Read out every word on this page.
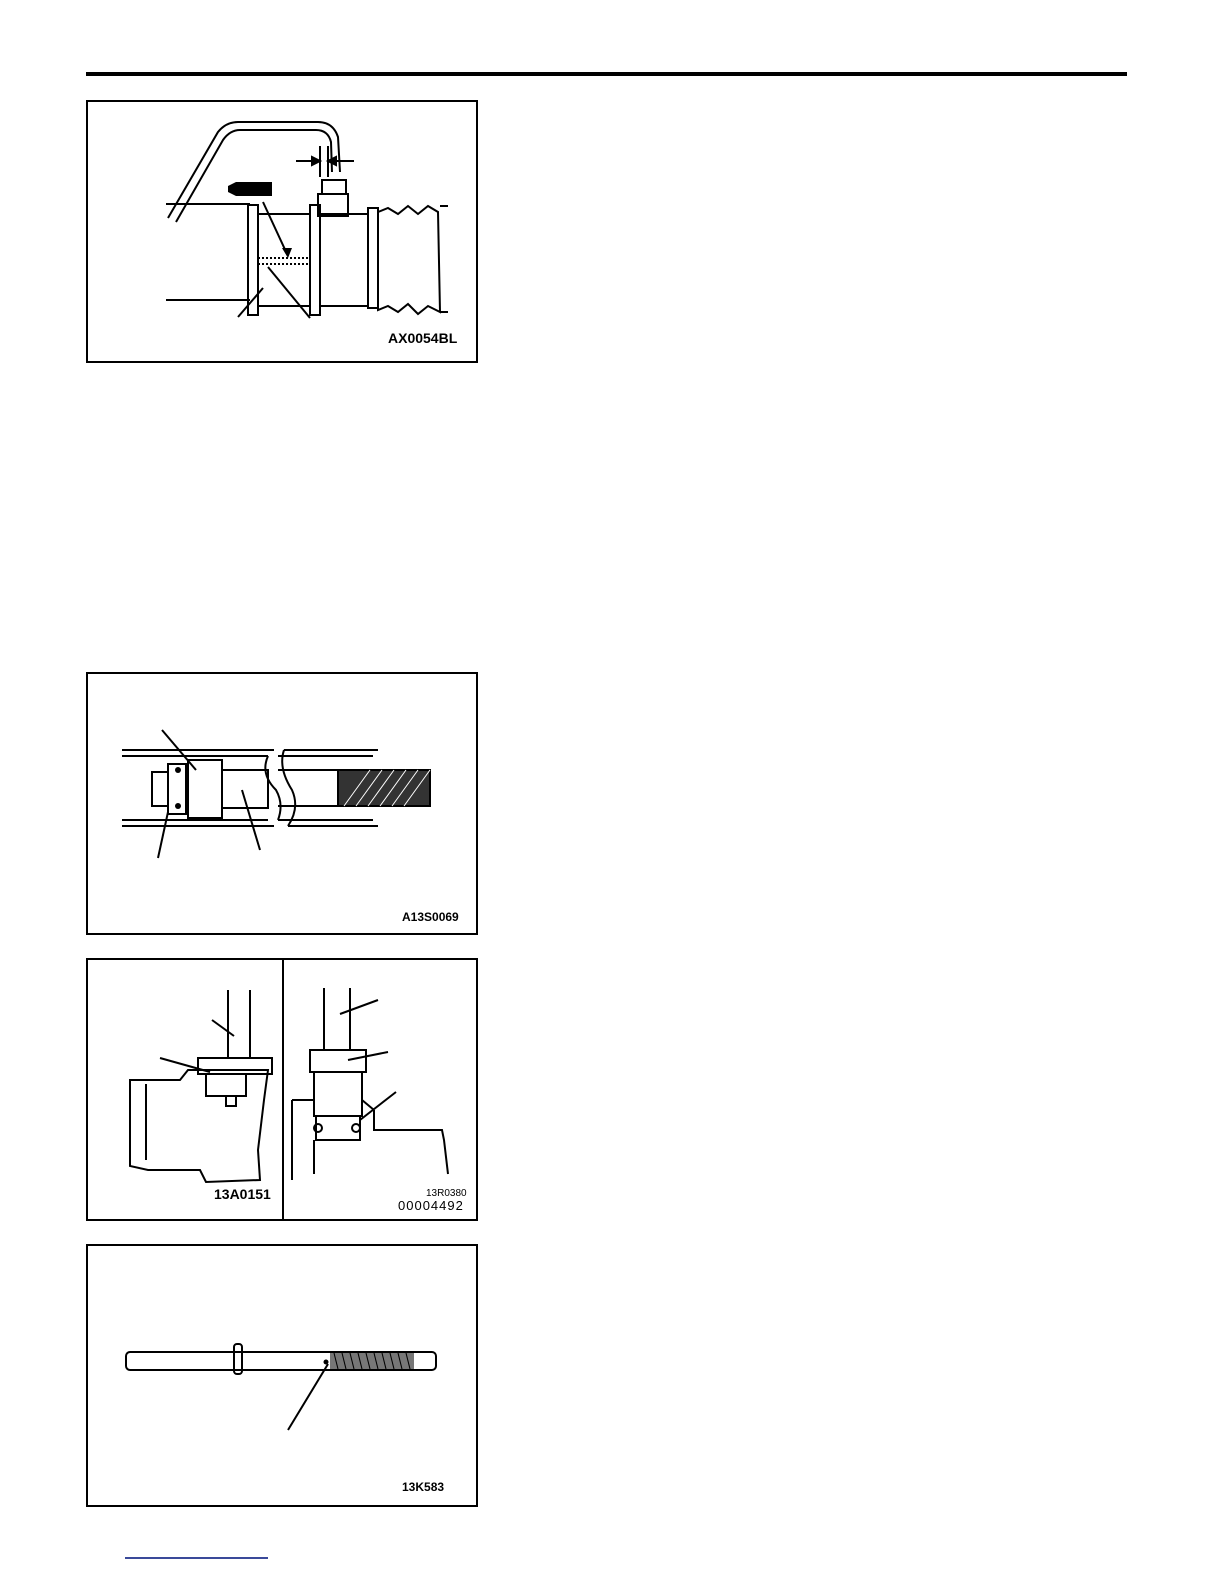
AX0054BL
A13S0069
13A0151	13R0380
00004492
13K583
